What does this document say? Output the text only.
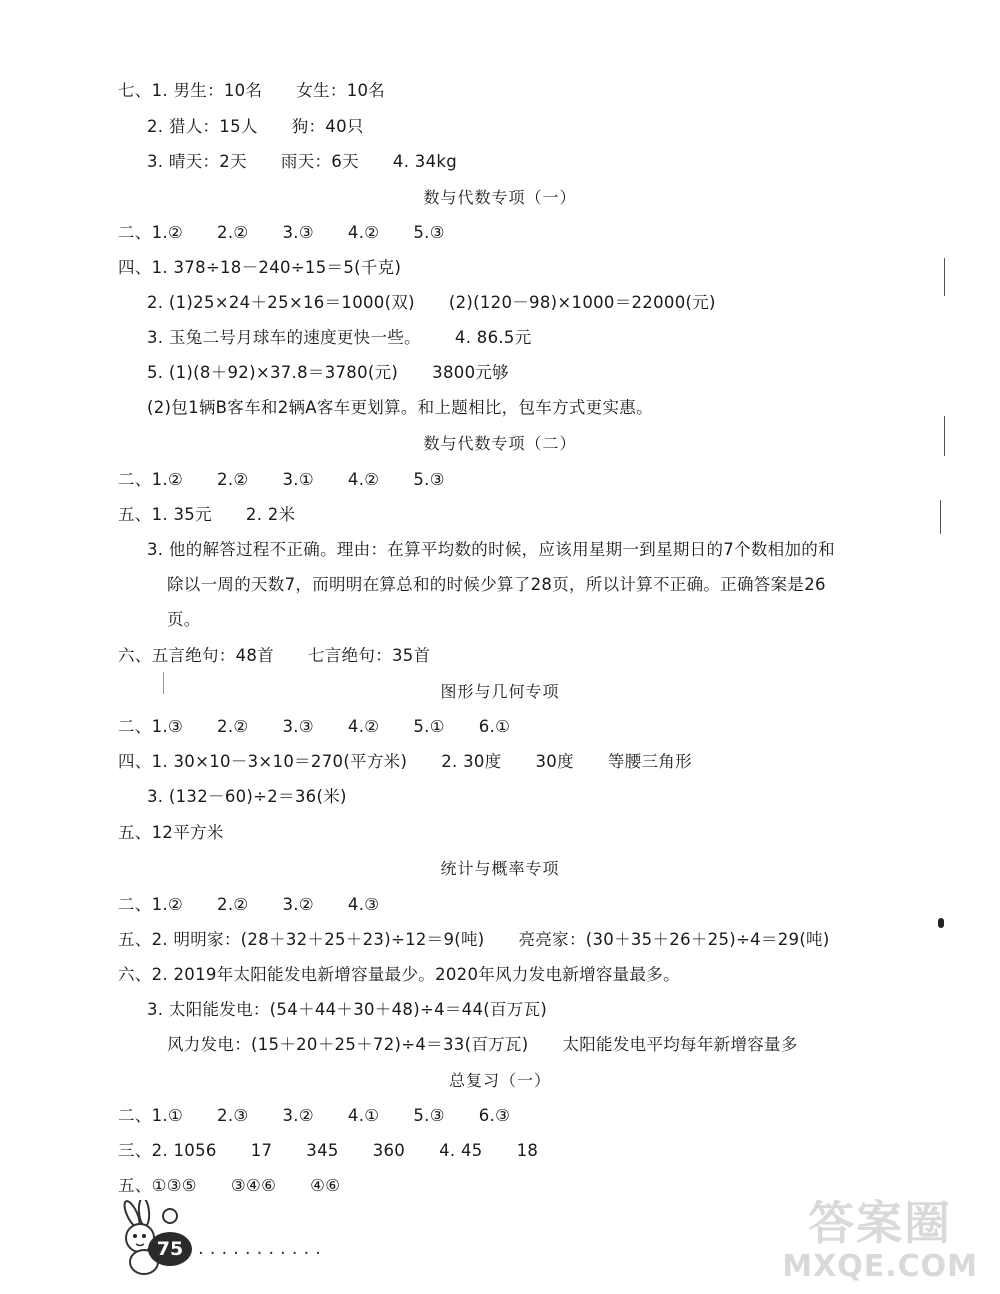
七、1. 男生：10名 女生：10名
2. 猎人：15人 狗：40只
3. 晴天：2天 雨天：6天 4. 34kg
数与代数专项（一）
二、1.② 2.② 3.③ 4.② 5.③
四、1. 378÷18－240÷15＝5(千克)
2. (1)25×24＋25×16＝1000(双) (2)(120－98)×1000＝22000(元)
3. 玉兔二号月球车的速度更快一些。 4. 86.5元
5. (1)(8＋92)×37.8＝3780(元) 3800元够
(2)包1辆B客车和2辆A客车更划算。和上题相比，包车方式更实惠。
数与代数专项（二）
二、1.② 2.② 3.① 4.② 5.③
五、1. 35元 2. 2米
3. 他的解答过程不正确。理由：在算平均数的时候，应该用星期一到星期日的7个数相加的和
除以一周的天数7，而明明在算总和的时候少算了28页，所以计算不正确。正确答案是26
页。
六、五言绝句：48首 七言绝句：35首
图形与几何专项
二、1.③ 2.② 3.③ 4.② 5.① 6.①
四、1. 30×10－3×10＝270(平方米) 2. 30度 30度 等腰三角形
3. (132－60)÷2＝36(米)
五、12平方米
统计与概率专项
二、1.② 2.② 3.② 4.③
五、2. 明明家：(28＋32＋25＋23)÷12＝9(吨) 亮亮家：(30＋35＋26＋25)÷4＝29(吨)
六、2. 2019年太阳能发电新增容量最少。2020年风力发电新增容量最多。
3. 太阳能发电：(54＋44＋30＋48)÷4＝44(百万瓦)
风力发电：(15＋20＋25＋72)÷4＝33(百万瓦) 太阳能发电平均每年新增容量多
总复习（一）
二、1.① 2.③ 3.② 4.① 5.③ 6.③
三、2. 1056 17 345 360 4. 45 18
五、①③⑤ ③④⑥ ④⑥
75 ...........	答案圈
MXQE.COM
